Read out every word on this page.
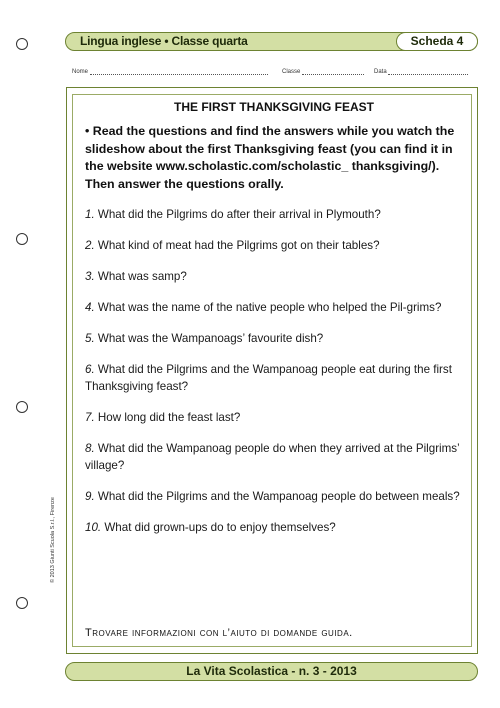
Lingua inglese • Classe quarta	Scheda 4
Nome	Classe	Data
THE FIRST THANKSGIVING FEAST

• Read the questions and find the answers while you watch the slideshow about the first Thanksgiving feast (you can find it in the website www.scholastic.com/scholastic_ thanksgiving/). Then answer the questions orally.

1. What did the Pilgrims do after their arrival in Plymouth?
2. What kind of meat had the Pilgrims got on their tables?
3. What was samp?
4. What was the name of the native people who helped the Pil-grims?
5. What was the Wampanoags’ favourite dish?
6. What did the Pilgrims and the Wampanoag people eat during the first Thanksgiving feast?
7. How long did the feast last?
8. What did the Wampanoag people do when they arrived at the Pilgrims’ village?
9. What did the Pilgrims and the Wampanoag people do between meals?
10. What did grown-ups do to enjoy themselves?
Trovare informazioni con l’aiuto di domande guida.
© 2013 Giunti Scuola S.r.l., Firenze
La Vita Scolastica - n. 3 - 2013
